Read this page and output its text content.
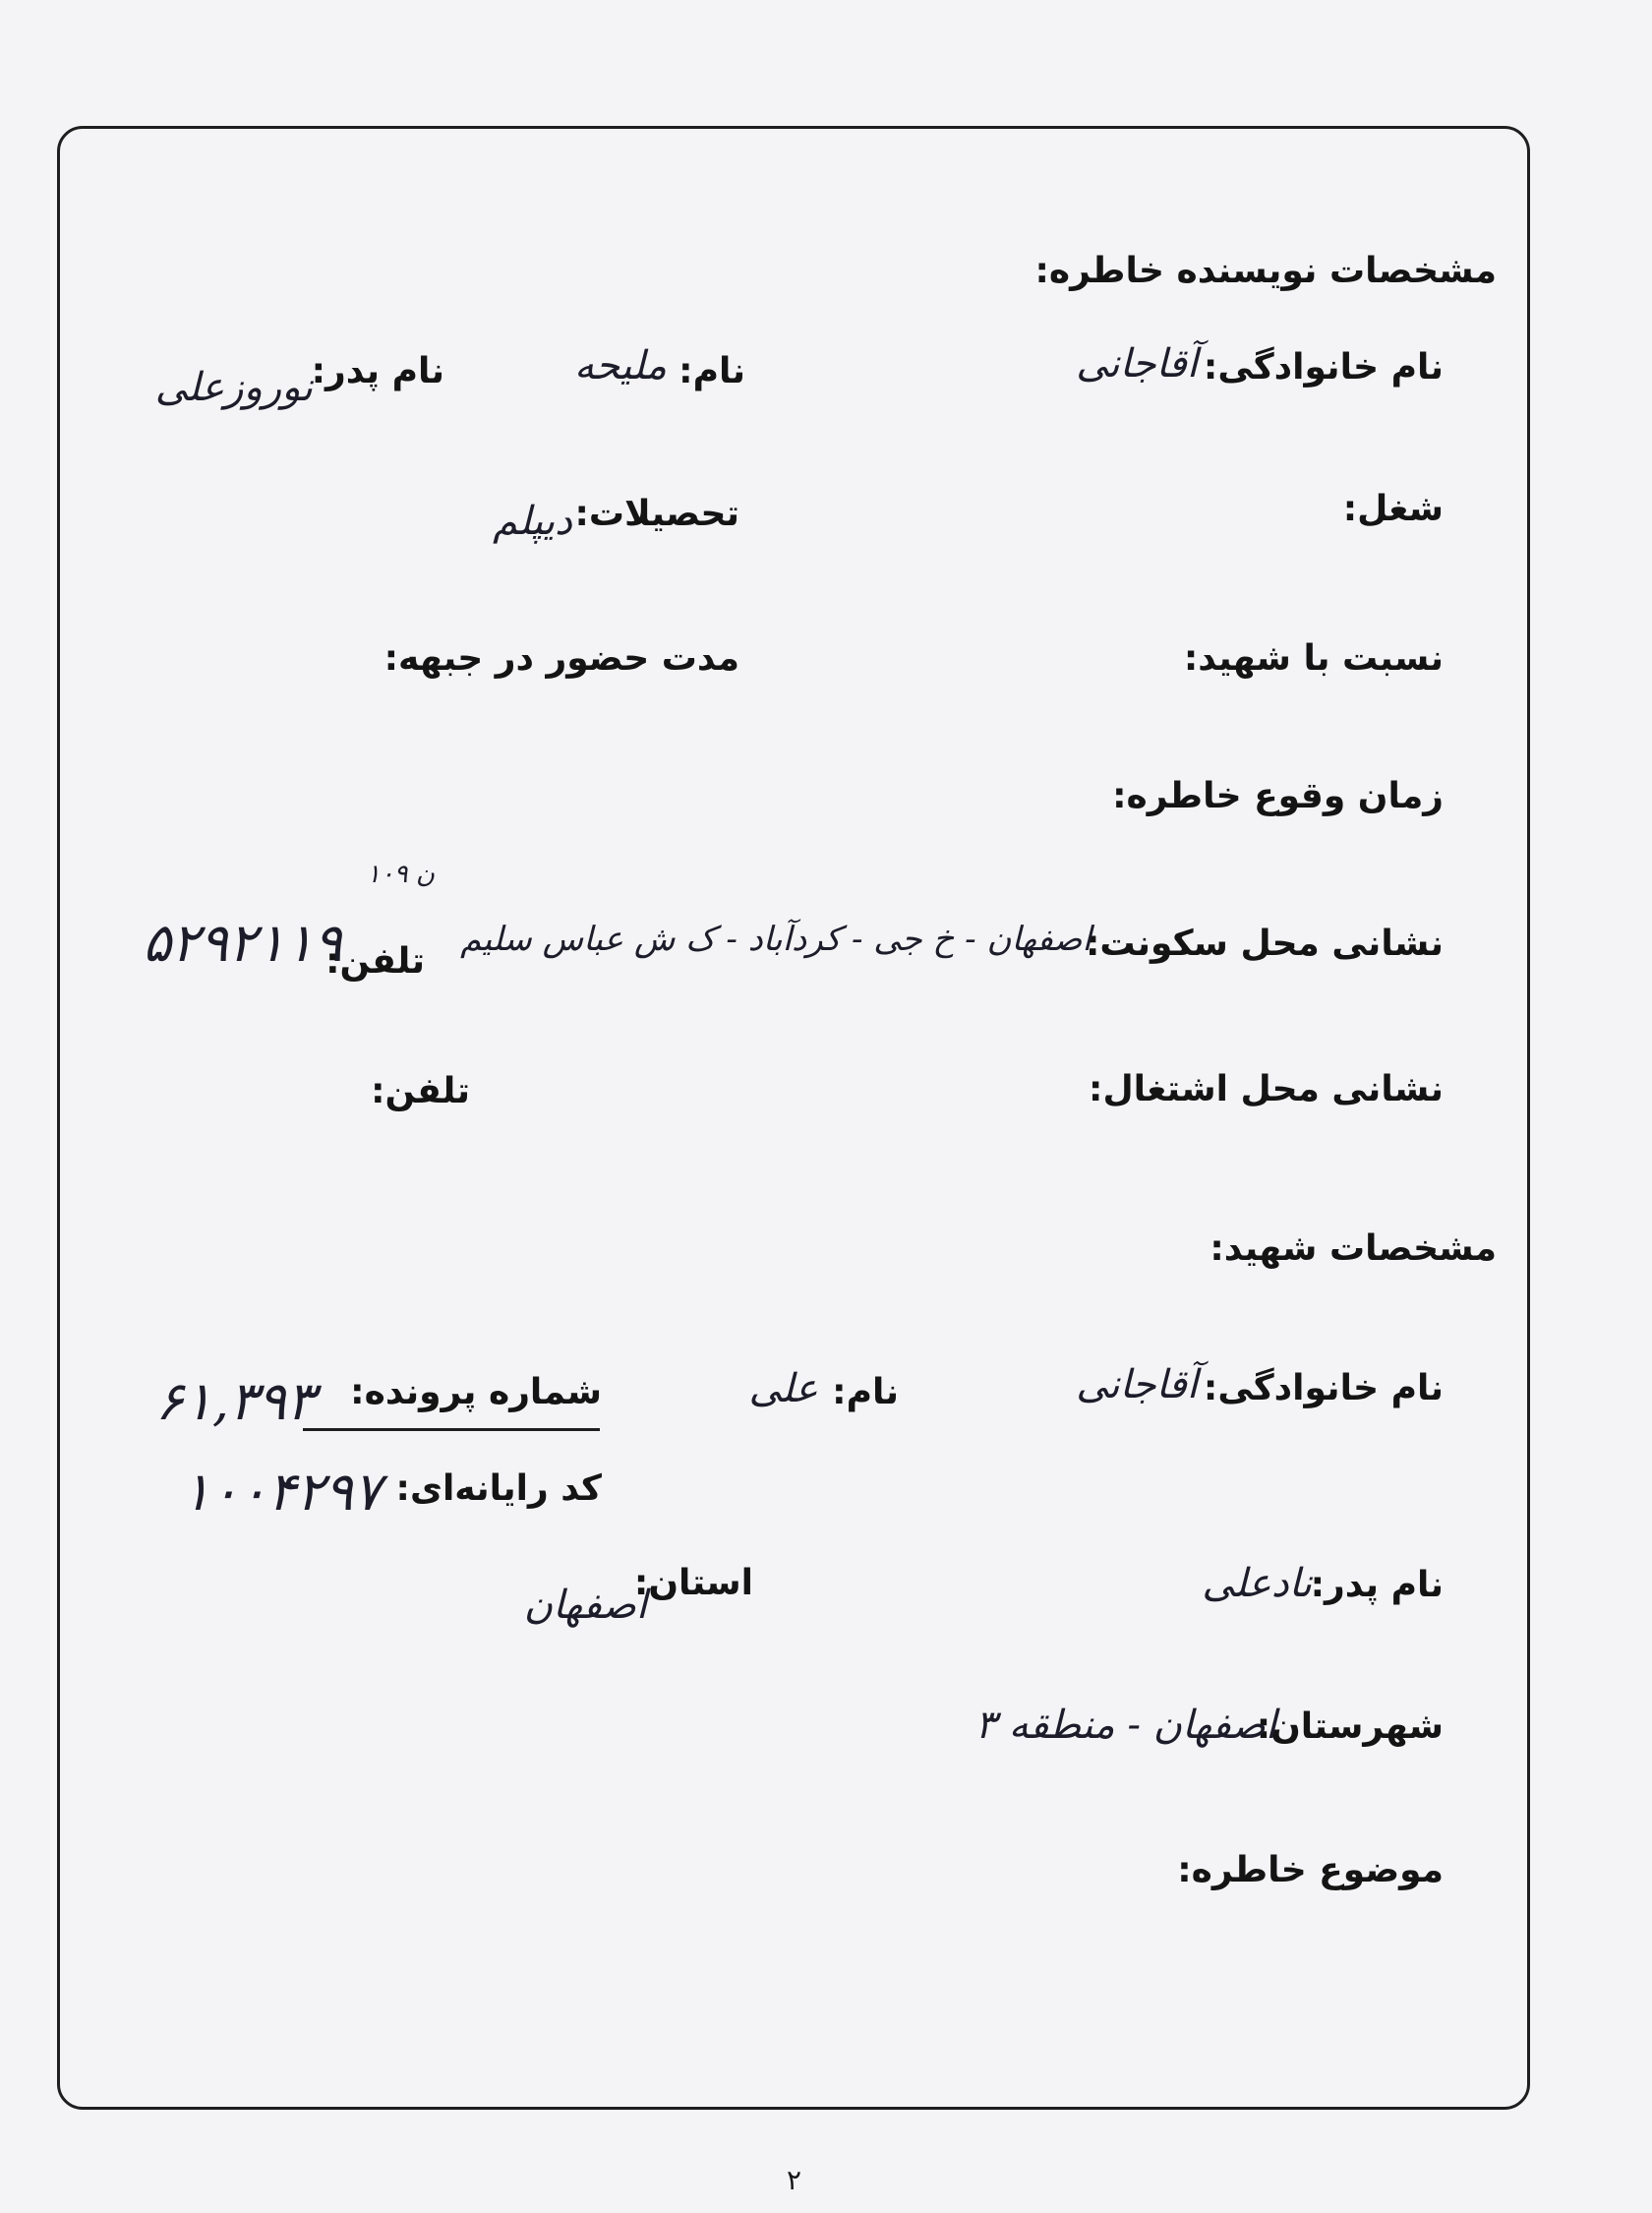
مشخصات نویسنده خاطره:
نام خانوادگی:
آقاجانی
نام:
ملیحه
نام پدر:
نوروزعلی
شغل:
تحصیلات:
دیپلم
نسبت با شهید:
مدت حضور در جبهه:
زمان وقوع خاطره:
نشانی محل سکونت:
اصفهان - خ جی - کردآباد - ک ش عباس سلیم
ن ۱۰۹
تلفن:
۵۲۹۲۱۱۹
نشانی محل اشتغال:
تلفن:
مشخصات شهید:
نام خانوادگی:
آقاجانی
نام:
علی
شماره پرونده:
۶۱,۳۹۳
کد رایانه‌ای:
۱۰۰۴۲۹۷
نام پدر:
نادعلی
استان:
اصفهان
شهرستان:
اصفهان - منطقه ۳
موضوع خاطره:
۲
